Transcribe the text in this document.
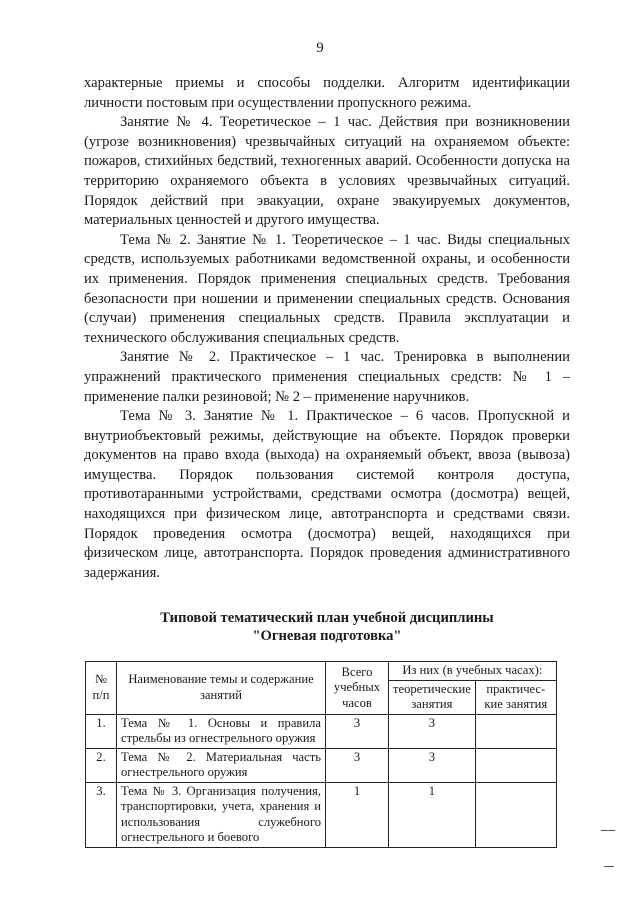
9

характерные приемы и способы подделки. Алгоритм идентификации личности постовым при осуществлении пропускного режима.

Занятие № 4. Теоретическое – 1 час. Действия при возникновении (угрозе возникновения) чрезвычайных ситуаций на охраняемом объекте: пожаров, стихийных бедствий, техногенных аварий. Особенности допуска на территорию охраняемого объекта в условиях чрезвычайных ситуаций. Порядок действий при эвакуации, охране эвакуируемых документов, материальных ценностей и другого имущества.

Тема № 2. Занятие № 1. Теоретическое – 1 час. Виды специальных средств, используемых работниками ведомственной охраны, и особенности их применения. Порядок применения специальных средств. Требования безопасности при ношении и применении специальных средств. Основания (случаи) применения специальных средств. Правила эксплуатации и технического обслуживания специальных средств.

Занятие № 2. Практическое – 1 час. Тренировка в выполнении упражнений практического применения специальных средств: № 1 – применение палки резиновой; № 2 – применение наручников.

Тема № 3. Занятие № 1. Практическое – 6 часов. Пропускной и внутриобъектовый режимы, действующие на объекте. Порядок проверки документов на право входа (выхода) на охраняемый объект, ввоза (вывоза) имущества. Порядок пользования системой контроля доступа, противотаранными устройствами, средствами осмотра (досмотра) вещей, находящихся при физическом лице, автотранспорта и средствами связи. Порядок проведения осмотра (досмотра) вещей, находящихся при физическом лице, автотранспорта. Порядок проведения административного задержания.

Типовой тематический план учебной дисциплины
"Огневая подготовка"
№ п/п	Наименование темы и содержание занятий	Всего учебных часов	Из них (в учебных часах):	
			теоретические занятия	практичес-кие занятия
1.	Тема № 1. Основы и правила стрельбы из огнестрельного оружия	3	3	
2.	Тема № 2. Материальная часть огнестрельного оружия	3	3	
3.	Тема № 3. Организация получения, транспортировки, учета, хранения и использования служебного огнестрельного и боевого	1	1	
